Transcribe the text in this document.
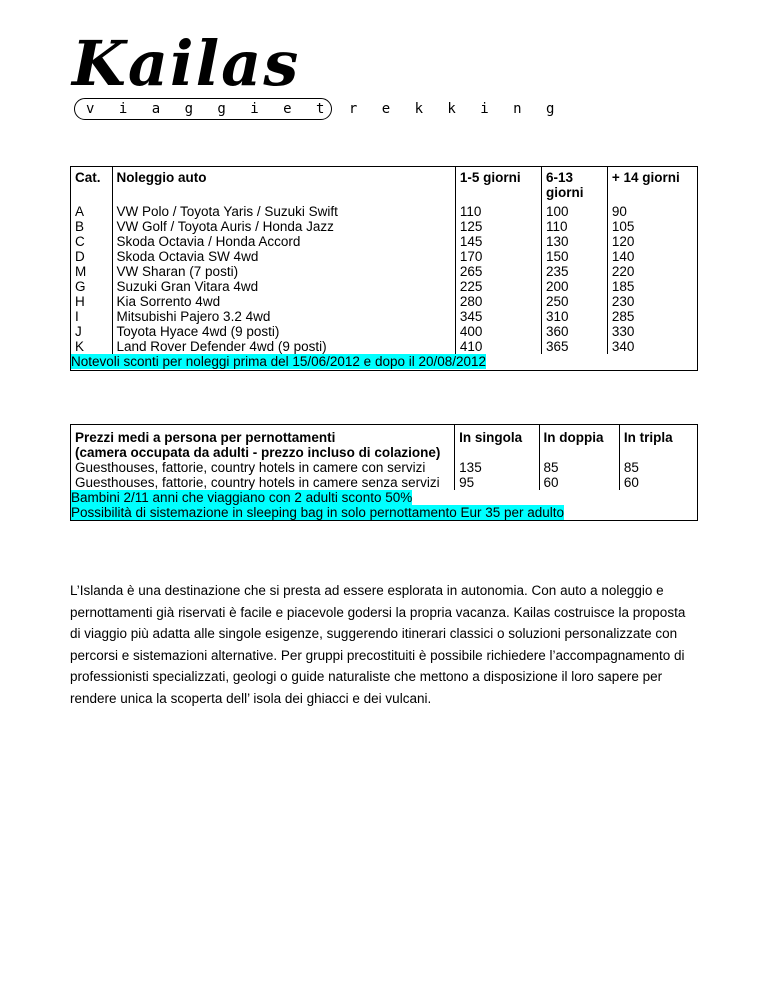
Kailas
v i a g g i e t r e k k i n g
Cat.	Noleggio auto	1-5 giorni	6-13 giorni	+ 14 giorni
A	VW Polo / Toyota Yaris / Suzuki Swift	110	100	90
B	VW Golf / Toyota Auris / Honda Jazz	125	110	105
C	Skoda Octavia / Honda Accord	145	130	120
D	Skoda Octavia SW 4wd	170	150	140
M	VW Sharan (7 posti)	265	235	220
G	Suzuki Gran Vitara 4wd	225	200	185
H	Kia Sorrento 4wd	280	250	230
I	Mitsubishi Pajero 3.2 4wd	345	310	285
J	Toyota Hyace 4wd (9 posti)	400	360	330
K	Land Rover Defender 4wd (9 posti)	410	365	340
Notevoli sconti per noleggi prima del 15/06/2012 e dopo il 20/08/2012				
Prezzi medi a persona per pernottamenti
(camera occupata da adulti - prezzo incluso di colazione)	In singola	In doppia	In tripla
Guesthouses, fattorie, country hotels in camere con servizi	135	85	85
Guesthouses, fattorie, country hotels in camere senza servizi	95	60	60
Bambini 2/11 anni che viaggiano con 2 adulti sconto 50%			
Possibilità di sistemazione in sleeping bag in solo pernottamento Eur 35 per adulto			
L’Islanda è una destinazione che si presta ad essere esplorata in autonomia. Con auto a noleggio e pernottamenti già riservati è facile e piacevole godersi la propria vacanza. Kailas costruisce la proposta di viaggio più adatta alle singole esigenze, suggerendo itinerari classici o soluzioni personalizzate con percorsi e sistemazioni alternative. Per gruppi precostituiti è possibile richiedere l’accompagnamento di professionisti specializzati, geologi o guide naturaliste che mettono a disposizione il loro sapere per rendere unica la scoperta dell’ isola dei ghiacci e dei vulcani.
